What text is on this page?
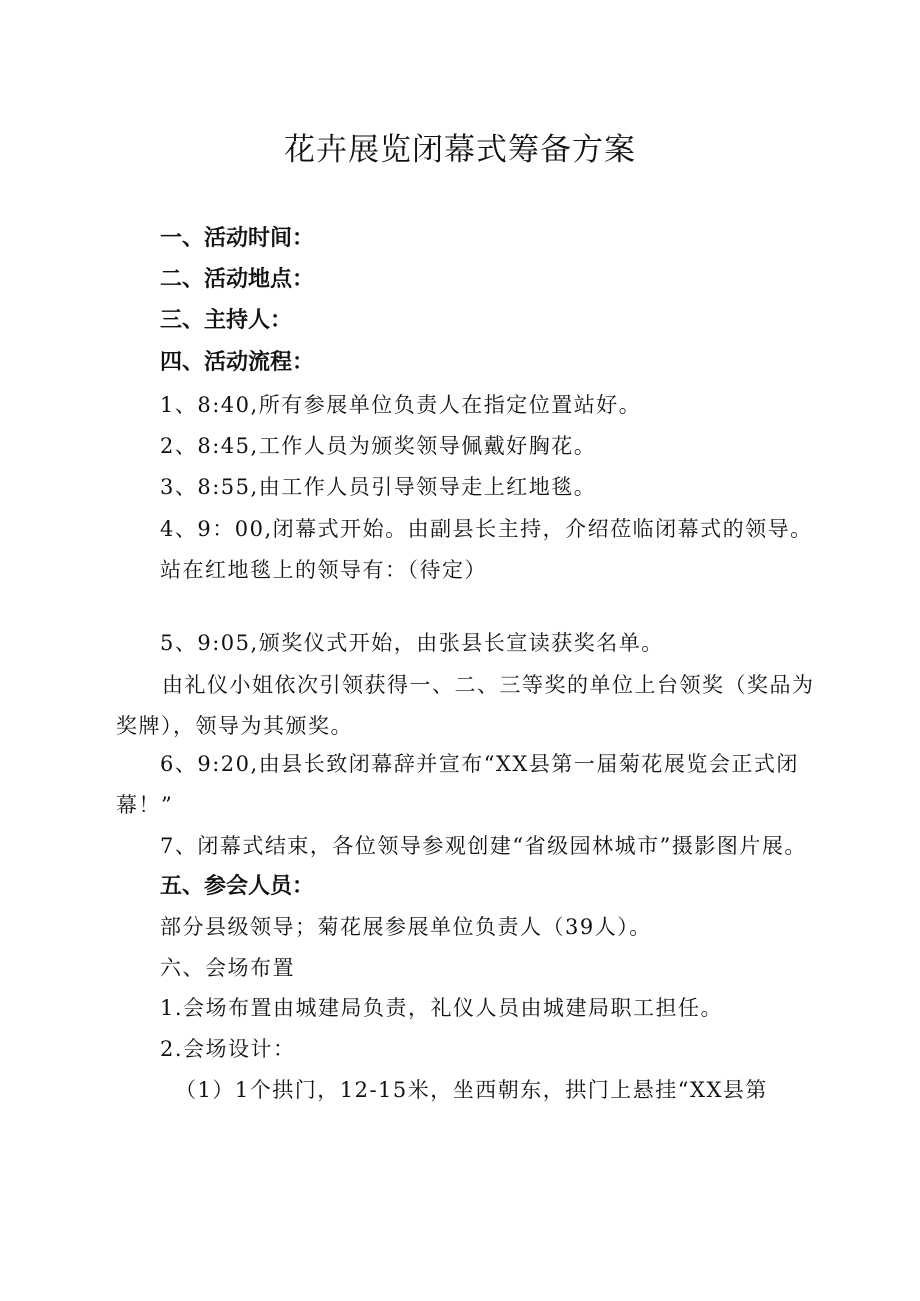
花卉展览闭幕式筹备方案
一、活动时间：
二、活动地点：
三、主持人：
四、活动流程：
1、8:40,所有参展单位负责人在指定位置站好。
2、8:45,工作人员为颁奖领导佩戴好胸花。
3、8:55,由工作人员引导领导走上红地毯。
4、9：00,闭幕式开始。由副县长主持，介绍莅临闭幕式的领导。
站在红地毯上的领导有：（待定）
5、9:05,颁奖仪式开始，由张县长宣读获奖名单。
由礼仪小姐依次引领获得一、二、三等奖的单位上台领奖（奖品为
奖牌），领导为其颁奖。
6、9:20,由县长致闭幕辞并宣布“XX县第一届菊花展览会正式闭
幕！”
7、闭幕式结束，各位领导参观创建“省级园林城市”摄影图片展。
五、参会人员：
部分县级领导；菊花展参展单位负责人（39人）。
六、会场布置
1.会场布置由城建局负责，礼仪人员由城建局职工担任。
2.会场设计：
（1）1个拱门，12-15米，坐西朝东，拱门上悬挂“XX县第
